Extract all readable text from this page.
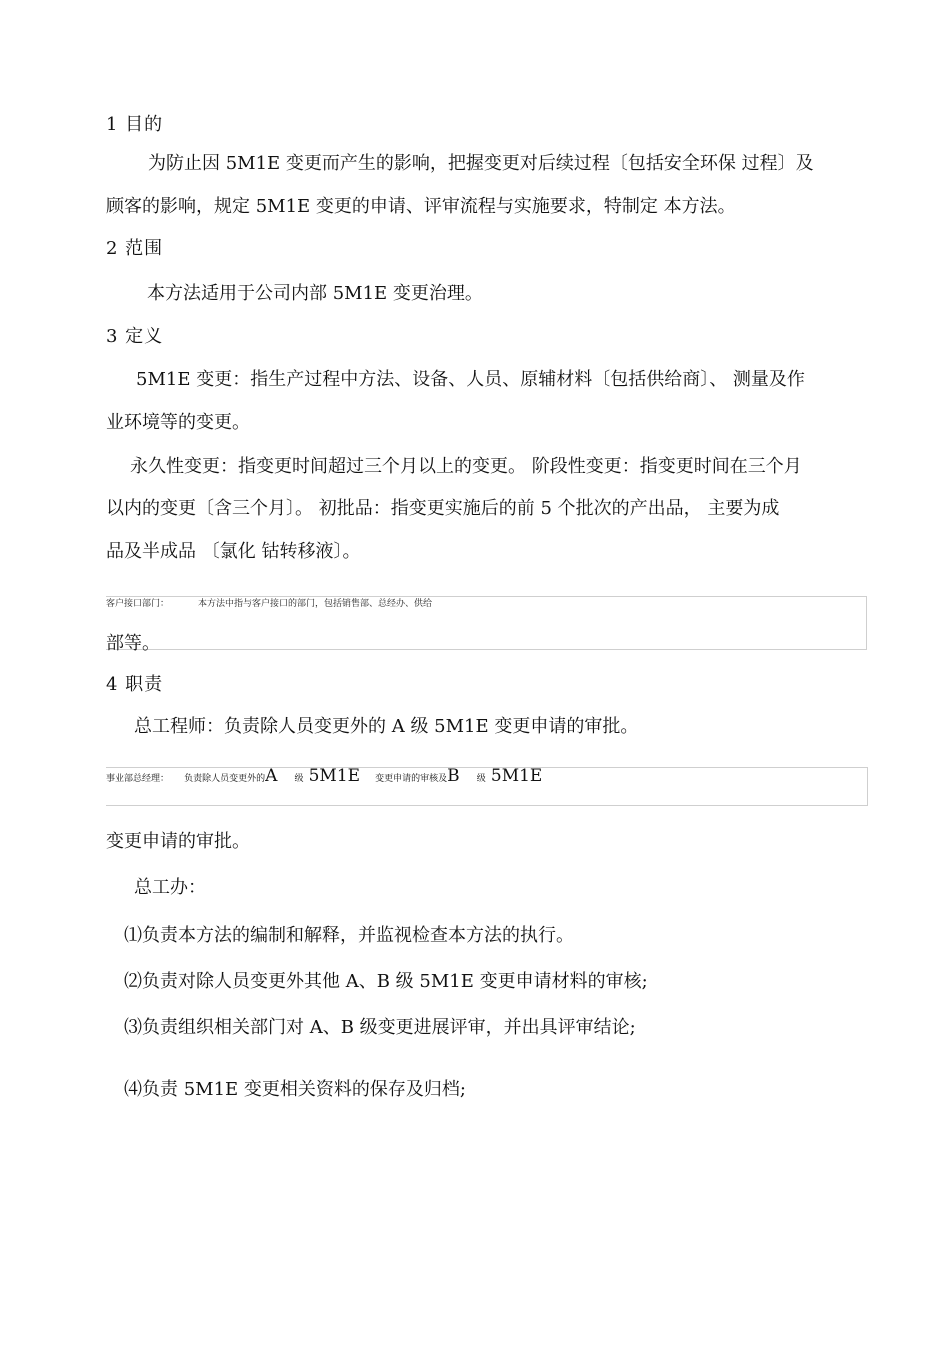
1 目的
为防止因 5M1E 变更而产生的影响，把握变更对后续过程〔包括安全环保 过程〕及
顾客的影响，规定 5M1E 变更的申请、评审流程与实施要求，特制定 本方法。
2 范围
本方法适用于公司内部 5M1E 变更治理。
3 定义
5M1E 变更：指生产过程中方法、设备、人员、原辅材料〔包括供给商〕、 测量及作
业环境等的变更。
永久性变更：指变更时间超过三个月以上的变更。 阶段性变更：指变更时间在三个月
以内的变更〔含三个月〕。 初批品：指变更实施后的前 5 个批次的产出品， 主要为成
品及半成品 〔氯化 钴转移液〕。
客户接口部门：	本方法中指与客户接口的部门，包括销售部、总经办、供给
部等。
4 职责
总工程师：负责除人员变更外的 A 级 5M1E 变更申请的审批。
事业部总经理： 负责除人员变更外的A 级 5M1E 变更申请的审核及B 级 5M1E
变更申请的审批。
总工办：
⑴负责本方法的编制和解释，并监视检查本方法的执行。
⑵负责对除人员变更外其他 A、B 级 5M1E 变更申请材料的审核;
⑶负责组织相关部门对 A、B 级变更进展评审，并出具评审结论;
⑷负责 5M1E 变更相关资料的保存及归档;
